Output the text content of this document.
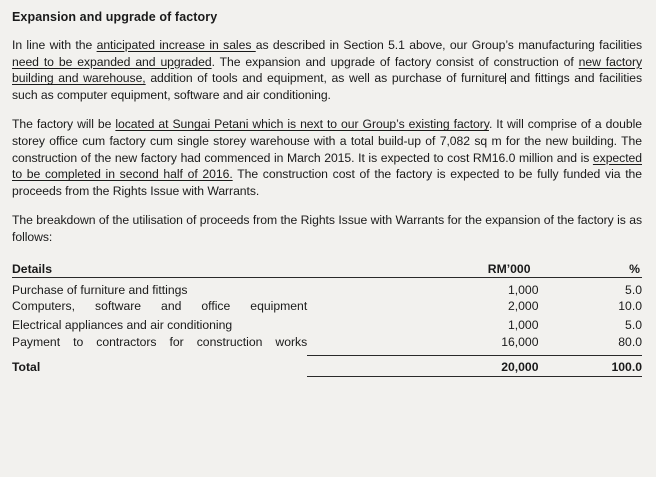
Expansion and upgrade of factory

In line with the anticipated increase in sales as described in Section 5.1 above, our Group’s manufacturing facilities need to be expanded and upgraded. The expansion and upgrade of factory consist of construction of new factory building and warehouse, addition of tools and equipment, as well as purchase of furniture and fittings and facilities such as computer equipment, software and air conditioning.

The factory will be located at Sungai Petani which is next to our Group’s existing factory. It will comprise of a double storey office cum factory cum single storey warehouse with a total build-up of 7,082 sq m for the new building. The construction of the new factory had commenced in March 2015. It is expected to cost RM16.0 million and is expected to be completed in second half of 2016. The construction cost of the factory is expected to be fully funded via the proceeds from the Rights Issue with Warrants.

The breakdown of the utilisation of proceeds from the Rights Issue with Warrants for the expansion of the factory is as follows:

Details	RM’000	%

Purchase of furniture and fittings	1,000	5.0
Computers, software and office equipment	2,000	10.0

Electrical appliances and air conditioning	1,000	5.0
Payment to contractors for construction works	16,000	80.0

Total	20,000	100.0
